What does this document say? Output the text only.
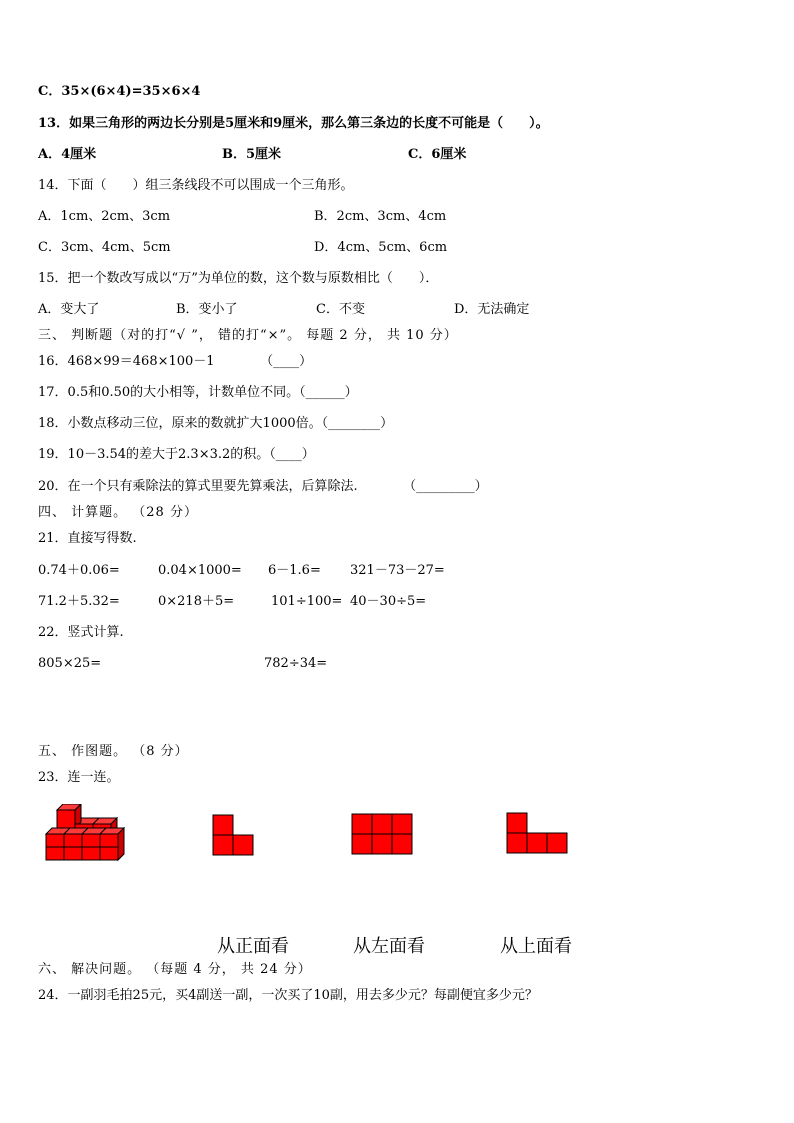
C．35×(6×4)=35×6×4
13．如果三角形的两边长分别是5厘米和9厘米，那么第三条边的长度不可能是（　　）。
A．4厘米	B．5厘米	C．6厘米
14．下面（　　）组三条线段不可以围成一个三角形。
A．1cm、2cm、3cm	B．2cm、3cm、4cm
C．3cm、4cm、5cm	D．4cm、5cm、6cm
15．把一个数改写成以“万”为单位的数，这个数与原数相比（　　）．
A．变大了	B．变小了	C．不变	D．无法确定
三、 判断题（对的打“√ ”， 错的打“×”。 每题 2 分， 共 10 分）
16．468×99＝468×100－1　　　　（____）
17．0.5和0.50的大小相等，计数单位不同。（______）
18．小数点移动三位，原来的数就扩大1000倍。（________）
19．10－3.54的差大于2.3×3.2的积。（____）
20．在一个只有乘除法的算式里要先算乘法，后算除法.　　　　（_________）
四、 计算题。 （28 分）
21．直接写得数.
0.74＋0.06=	0.04×1000= 6－1.6= 321－73－27=
71.2＋5.32=	0×218＋5=	101÷100= 40－30÷5=
22．竖式计算.
805×25=	782÷34=
五、 作图题。 （8 分）
23．连一连。
从正面看	从左面看	从上面看
六、 解决问题。 （每题 4 分， 共 24 分）
24．一副羽毛拍25元，买4副送一副，一次买了10副，用去多少元？每副便宜多少元？
